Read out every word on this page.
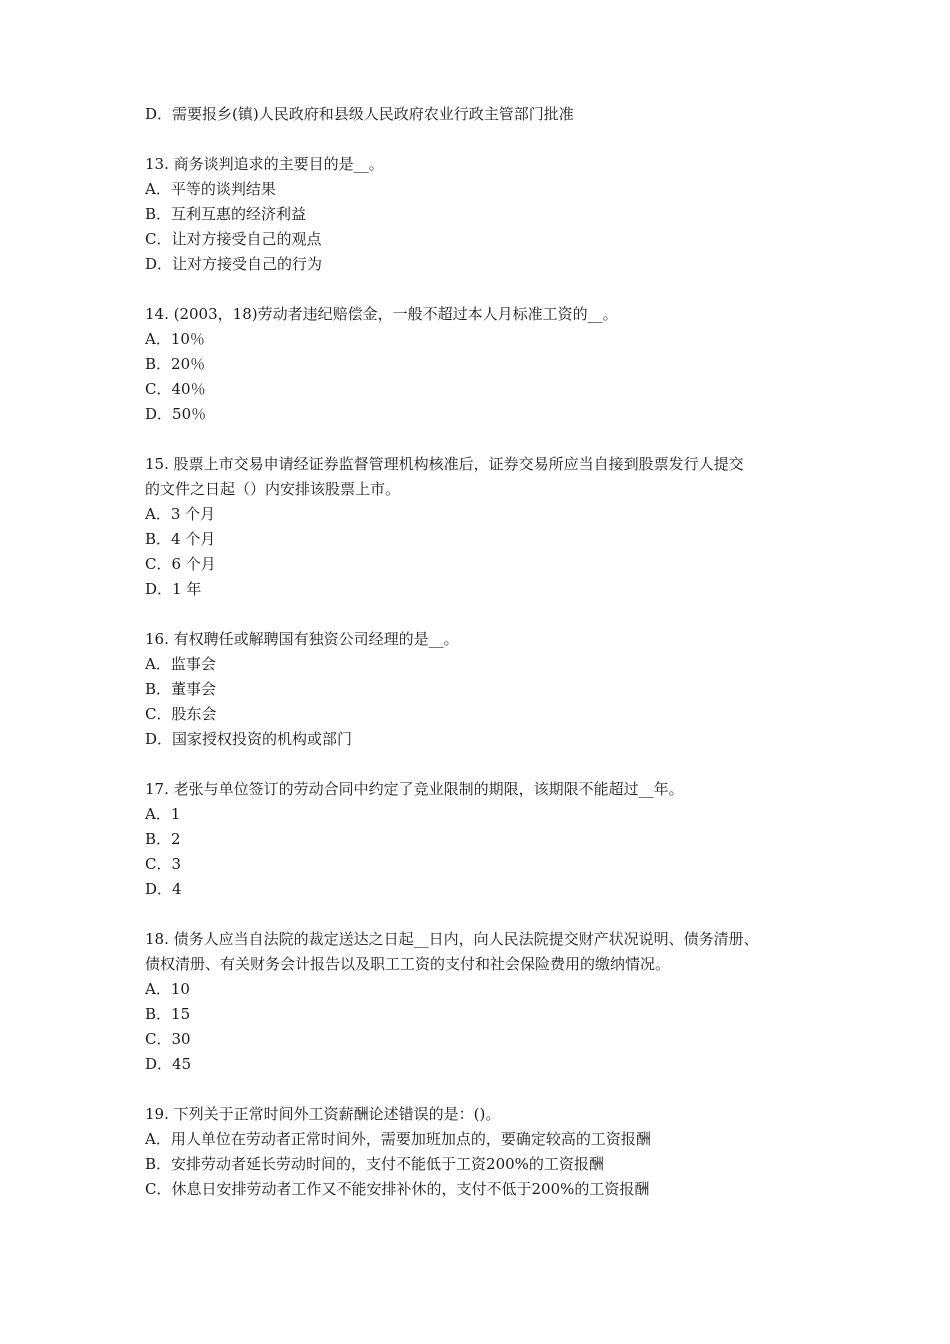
D．需要报乡(镇)人民政府和县级人民政府农业行政主管部门批准
13. 商务谈判追求的主要目的是__。
A．平等的谈判结果
B．互利互惠的经济利益
C．让对方接受自己的观点
D．让对方接受自己的行为
14. (2003，18)劳动者违纪赔偿金，一般不超过本人月标准工资的__。
A．10％
B．20％
C．40％
D．50％
15. 股票上市交易申请经证券监督管理机构核准后，证券交易所应当自接到股票发行人提交
的文件之日起（）内安排该股票上市。
A．3 个月
B．4 个月
C．6 个月
D．1 年
16. 有权聘任或解聘国有独资公司经理的是__。
A．监事会
B．董事会
C．股东会
D．国家授权投资的机构或部门
17. 老张与单位签订的劳动合同中约定了竞业限制的期限，该期限不能超过__年。
A．1
B．2
C．3
D．4
18. 债务人应当自法院的裁定送达之日起__日内，向人民法院提交财产状况说明、债务清册、
债权清册、有关财务会计报告以及职工工资的支付和社会保险费用的缴纳情况。
A．10
B．15
C．30
D．45
19. 下列关于正常时间外工资薪酬论述错误的是：()。
A．用人单位在劳动者正常时间外，需要加班加点的，要确定较高的工资报酬
B．安排劳动者延长劳动时间的，支付不能低于工资200%的工资报酬
C．休息日安排劳动者工作又不能安排补休的，支付不低于200%的工资报酬
